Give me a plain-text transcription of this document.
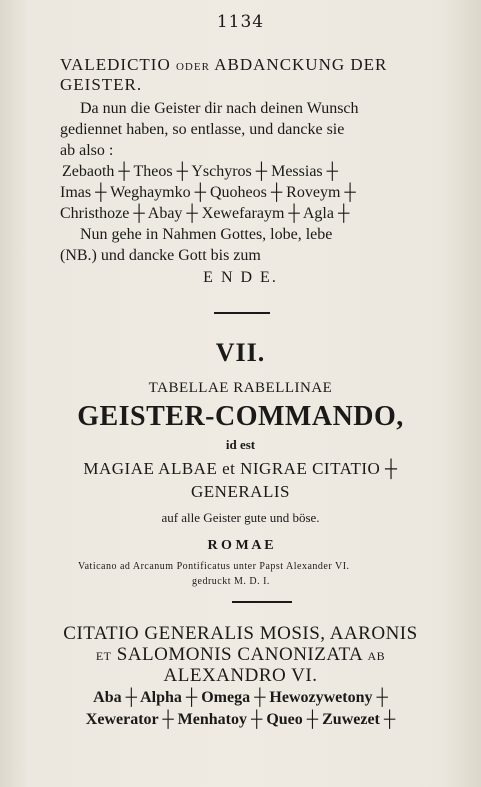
1134
VALEDICTIO ODER ABDANCKUNG DER
GEISTER.
Da nun die Geister dir nach deinen Wunsch
gediennet haben, so entlasse, und dancke sie
ab also :
Zebaoth ┼ Theos ┼ Yschyros ┼ Messias ┼
Imas ┼ Weghaymko ┼ Quoheos ┼ Roveym ┼
Christhoze ┼ Abay ┼ Xewefaraym ┼ Agla ┼
Nun gehe in Nahmen Gottes, lobe, lebe
(NB.) und dancke Gott bis zum
E N D E.
VII.
TABELLAE RABELLINAE
GEISTER-COMMANDO,
id est
MAGIAE ALBAE et NIGRAE CITATIO ┼
GENERALIS
auf alle Geister gute und böse.
R O M A E
Vaticano ad Arcanum Pontificatus unter Papst Alexander VI.
gedruckt M. D. I.
CITATIO GENERALIS MOSIS, AARONIS
ET SALOMONIS CANONIZATA AB
ALEXANDRO VI.
Aba ┼ Alpha ┼ Omega ┼ Hewozywetony ┼
Xewerator ┼ Menhatoy ┼ Queo ┼ Zuwezet ┼
